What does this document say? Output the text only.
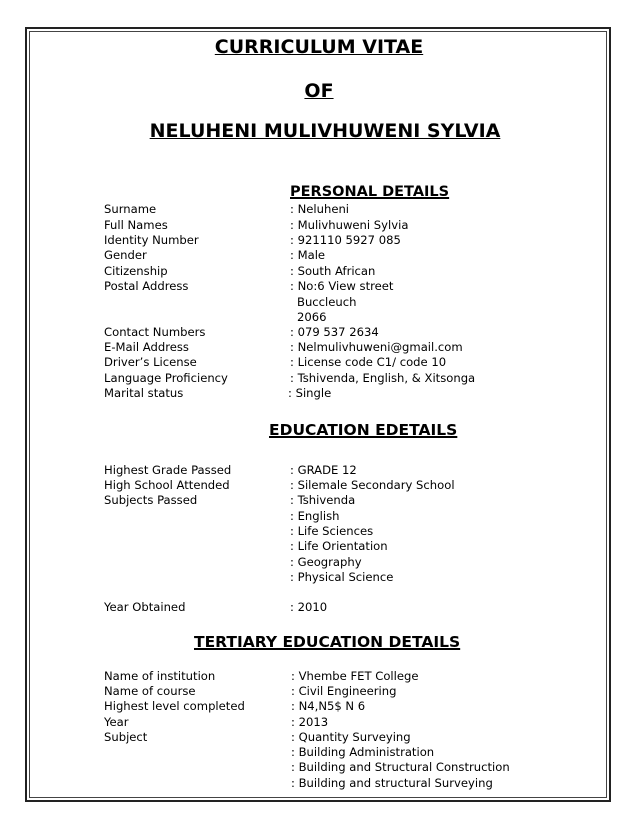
CURRICULUM VITAE
OF
NELUHENI MULIVHUWENI SYLVIA
PERSONAL DETAILS
Surname	: Neluheni
Full Names	: Mulivhuweni Sylvia
Identity Number	: 921110 5927 085
Gender	: Male
Citizenship	: South African
Postal Address	: No:6 View street
Buccleuch
2066
Contact Numbers	: 079 537 2634
E-Mail Address	: Nelmulivhuweni@gmail.com
Driver’s License	: License code C1/ code 10
Language Proficiency	: Tshivenda, English, & Xitsonga
Marital status	: Single
EDUCATION EDETAILS
Highest Grade Passed	: GRADE 12
High School Attended	: Silemale Secondary School
Subjects Passed	: Tshivenda
: English
: Life Sciences
: Life Orientation
: Geography
: Physical Science
Year Obtained	: 2010
TERTIARY EDUCATION DETAILS
Name of institution	: Vhembe FET College
Name of course	: Civil Engineering
Highest level completed	: N4,N5$ N 6
Year	: 2013
Subject	: Quantity Surveying
: Building Administration
: Building and Structural Construction
: Building and structural Surveying
